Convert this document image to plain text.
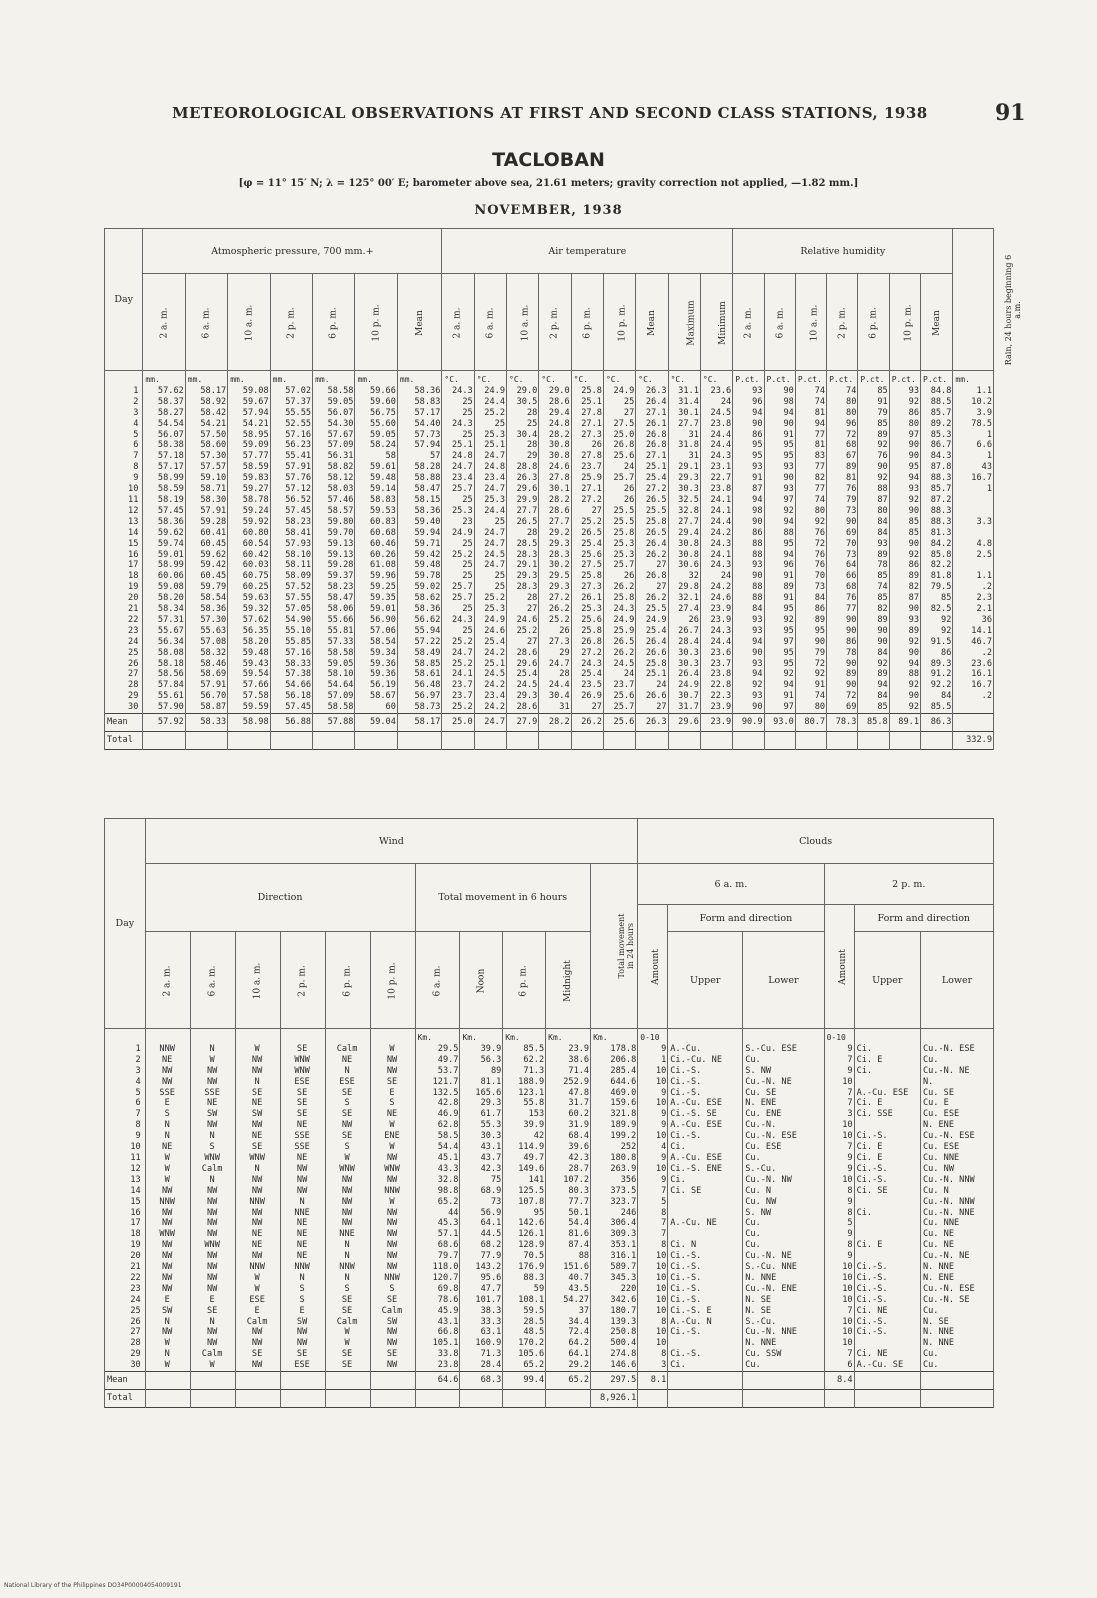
METEOROLOGICAL OBSERVATIONS AT FIRST AND SECOND CLASS STATIONS, 1938	91
TACLOBAN
[φ = 11° 15′ N; λ = 125° 00′ E; barometer above sea, 21.61 meters; gravity correction not applied, —1.82 mm.]
NOVEMBER, 1938
Day	Atmospheric pressure, 700 mm.+							Air temperature									Relative humidity							Rain, 24 hours beginning 6 a.m.

	2 a. m.	6 a. m.	10 a. m.	2 p. m.	6 p. m.	10 p. m.	Mean	2 a. m.	6 a. m.	10 a. m.	2 p. m.	6 p. m.	10 p. m.	Mean	Maximum	Minimum	2 a. m.	6 a. m.	10 a. m.	2 p. m.	6 p. m.	10 p. m.	Mean	
	mm.	mm.	mm.	mm.	mm.	mm.	mm.	°C.	°C.	°C.	°C.	°C.	°C.	°C.	°C.	°C.	P.ct.	P.ct.	P.ct.	P.ct.	P.ct.	P.ct.	P.ct.	mm.
1	57.62	58.17	59.08	57.02	58.58	59.66	58.36	24.3	24.9	29.0	29.0	25.8	24.9	26.3	31.1	23.6	93	90	74	74	85	93	84.8	1.1
2	58.37	58.92	59.67	57.37	59.05	59.60	58.83	25	24.4	30.5	28.6	25.1	25	26.4	31.4	24	96	98	74	80	91	92	88.5	10.2
3	58.27	58.42	57.94	55.55	56.07	56.75	57.17	25	25.2	28	29.4	27.8	27	27.1	30.1	24.5	94	94	81	80	79	86	85.7	3.9
4	54.54	54.21	54.21	52.55	54.30	55.60	54.40	24.3	25	25	24.8	27.1	27.5	26.1	27.7	23.8	90	90	94	96	85	80	89.2	78.5
5	56.07	57.50	58.95	57.16	57.67	59.05	57.73	25	25.3	30.4	28.2	27.3	25.0	26.8	31	24.4	86	91	77	72	89	97	85.3	1
6	58.38	58.60	59.09	56.23	57.09	58.24	57.94	25.1	25.1	28	30.8	26	26.8	26.8	31.8	24.4	95	95	81	68	92	90	86.7	6.6
7	57.18	57.30	57.77	55.41	56.31	58	57	24.8	24.7	29	30.8	27.8	25.6	27.1	31	24.3	95	95	83	67	76	90	84.3	1
8	57.17	57.57	58.59	57.91	58.82	59.61	58.28	24.7	24.8	28.8	24.6	23.7	24	25.1	29.1	23.1	93	93	77	89	90	95	87.8	43
9	58.99	59.10	59.83	57.76	58.12	59.48	58.88	23.4	23.4	26.3	27.8	25.9	25.7	25.4	29.3	22.7	91	90	82	81	92	94	88.3	16.7
10	58.59	58.71	59.27	57.12	58.03	59.14	58.47	25.7	24.7	29.6	30.1	27.1	26	27.2	30.3	23.8	87	93	77	76	88	93	85.7	1
11	58.19	58.30	58.78	56.52	57.46	58.83	58.15	25	25.3	29.9	28.2	27.2	26	26.5	32.5	24.1	94	97	74	79	87	92	87.2	
12	57.45	57.91	59.24	57.45	58.57	59.53	58.36	25.3	24.4	27.7	28.6	27	25.5	25.5	32.8	24.1	98	92	80	73	80	90	88.3	
13	58.36	59.28	59.92	58.23	59.80	60.83	59.40	23	25	26.5	27.7	25.2	25.5	25.8	27.7	24.4	90	94	92	90	84	85	88.3	3.3
14	59.62	60.41	60.80	58.41	59.70	60.68	59.94	24.9	24.7	28	29.2	26.5	25.8	26.5	29.4	24.2	86	88	76	69	84	85	81.3	
15	59.74	60.45	60.54	57.93	59.13	60.46	59.71	25	24.7	28.5	29.3	25.4	25.3	26.4	30.8	24.3	88	95	72	70	93	90	84.2	4.8
16	59.01	59.62	60.42	58.10	59.13	60.26	59.42	25.2	24.5	28.3	28.3	25.6	25.3	26.2	30.8	24.1	88	94	76	73	89	92	85.8	2.5
17	58.99	59.42	60.03	58.11	59.28	61.08	59.48	25	24.7	29.1	30.2	27.5	25.7	27	30.6	24.3	93	96	76	64	78	86	82.2	
18	60.06	60.45	60.75	58.09	59.37	59.96	59.78	25	25	29.3	29.5	25.8	26	26.8	32	24	90	91	70	66	85	89	81.8	1.1
19	59.08	59.79	60.25	57.52	58.23	59.25	59.02	25.7	25	28.3	29.3	27.3	26.2	27	29.8	24.2	88	89	73	68	74	82	79.5	.2
20	58.20	58.54	59.63	57.55	58.47	59.35	58.62	25.7	25.2	28	27.2	26.1	25.8	26.2	32.1	24.6	88	91	84	76	85	87	85	2.3
21	58.34	58.36	59.32	57.05	58.06	59.01	58.36	25	25.3	27	26.2	25.3	24.3	25.5	27.4	23.9	84	95	86	77	82	90	82.5	2.1
22	57.31	57.30	57.62	54.90	55.66	56.90	56.62	24.3	24.9	24.6	25.2	25.6	24.9	24.9	26	23.9	93	92	89	90	89	93	92	36
23	55.67	55.63	56.35	55.10	55.81	57.06	55.94	25	24.6	25.2	26	25.8	25.9	25.4	26.7	24.3	93	95	95	90	90	89	92	14.1
24	56.34	57.08	58.20	55.85	57.33	58.54	57.22	25.2	25.4	27	27.3	26.8	26.5	26.4	28.4	24.4	94	97	90	86	90	92	91.5	46.7
25	58.08	58.32	59.48	57.16	58.58	59.34	58.49	24.7	24.2	28.6	29	27.2	26.2	26.6	30.3	23.6	90	95	79	78	84	90	86	.2
26	58.18	58.46	59.43	58.33	59.05	59.36	58.85	25.2	25.1	29.6	24.7	24.3	24.5	25.8	30.3	23.7	93	95	72	90	92	94	89.3	23.6
27	58.56	58.69	59.54	57.38	58.10	59.36	58.61	24.1	24.5	25.4	28	25.4	24	25.1	26.4	23.8	94	92	92	89	89	88	91.2	16.1
28	57.84	57.91	57.66	54.66	54.64	56.19	56.48	23.7	24.2	24.5	24.4	23.5	23.7	24	24.9	22.8	92	94	91	90	94	92	92.2	16.7
29	55.61	56.70	57.58	56.18	57.09	58.67	56.97	23.7	23.4	29.3	30.4	26.9	25.6	26.6	30.7	22.3	93	91	74	72	84	90	84	.2
30	57.90	58.87	59.59	57.45	58.58	60	58.73	25.2	24.2	28.6	31	27	25.7	27	31.7	23.9	90	97	80	69	85	92	85.5	
Mean	57.92	58.33	58.98	56.88	57.88	59.04	58.17	25.0	24.7	27.9	28.2	26.2	25.6	26.3	29.6	23.9	90.9	93.0	80.7	78.3	85.8	89.1	86.3	
Total																								332.9
Day	Wind											Clouds					
	Direction						Total movement in 6 hours				Total movement in 24 hours	6 a. m.			2 p. m.		
												Amount	Form and direction		Amount	Form and direction	
	2 a. m.	6 a. m.	10 a. m.	2 p. m.	6 p. m.	10 p. m.	6 a. m.	Noon	6 p. m.	Midnight			Upper	Lower		Upper	Lower
							Km.	Km.	Km.	Km.	Km.	0-10			0-10		
1	NNW	N	W	SE	Calm	W	29.5	39.9	85.5	23.9	178.8	9	A.-Cu.	S.-Cu. ESE	9	Ci.	Cu.-N. ESE
2	NE	W	NW	WNW	NE	NW	49.7	56.3	62.2	38.6	206.8	1	Ci.-Cu. NE	Cu.	7	Ci. E	Cu.
3	NW	NW	NW	WNW	N	NW	53.7	89	71.3	71.4	285.4	10	Ci.-S.	S. NW	9	Ci.	Cu.-N. NE
4	NW	NW	N	ESE	ESE	SE	121.7	81.1	188.9	252.9	644.6	10	Ci.-S.	Cu.-N. NE	10		N.
5	SSE	SSE	SE	SE	SE	E	132.5	165.6	123.1	47.8	469.0	9	Ci.-S.	Cu. SE	7	A.-Cu. ESE	Cu. SE
6	E	NE	NE	SE	S	S	42.8	29.3	55.8	31.7	159.6	10	A.-Cu. ESE	N. ENE	7	Ci. E	Cu. E
7	S	SW	SW	SE	SE	NE	46.9	61.7	153	60.2	321.8	9	Ci.-S. SE	Cu. ENE	3	Ci. SSE	Cu. ESE
8	N	NW	NW	NE	NW	W	62.8	55.3	39.9	31.9	189.9	9	A.-Cu. ESE	Cu.-N.	10		N. ENE
9	N	N	NE	SSE	SE	ENE	58.5	30.3	42	68.4	199.2	10	Ci.-S.	Cu.-N. ESE	10	Ci.-S.	Cu.-N. ESE
10	NE	S	SE	SSE	S	W	54.4	43.1	114.9	39.6	252	4	Ci.	Cu. ESE	7	Ci. E	Cu. ESE
11	W	WNW	WNW	NE	W	NW	45.1	43.7	49.7	42.3	180.8	9	A.-Cu. ESE	Cu.	9	Ci. E	Cu. NNE
12	W	Calm	N	NW	WNW	WNW	43.3	42.3	149.6	28.7	263.9	10	Ci.-S. ENE	S.-Cu.	9	Ci.-S.	Cu. NW
13	W	N	NW	NW	NW	NW	32.8	75	141	107.2	356	9	Ci.	Cu.-N. NW	10	Ci.-S.	Cu.-N. NNW
14	NW	NW	NW	NW	NW	NNW	98.8	68.9	125.5	80.3	373.5	7	Ci. SE	Cu. N	8	Ci. SE	Cu. N
15	NNW	NW	NNW	N	NW	W	65.2	73	107.8	77.7	323.7	5		Cu. NW	9		Cu.-N. NNW
16	NW	NW	NW	NNE	NW	NW	44	56.9	95	50.1	246	8		S. NW	8	Ci.	Cu.-N. NNE
17	NW	NW	NW	NE	NW	NW	45.3	64.1	142.6	54.4	306.4	7	A.-Cu. NE	Cu.	5		Cu. NNE
18	WNW	NW	NE	NE	NNE	NW	57.1	44.5	126.1	81.6	309.3	7		Cu.	9		Cu. NE
19	NW	WNW	NE	NE	N	NW	68.6	68.2	128.9	87.4	353.1	8	Ci. N	Cu.	8	Ci. E	Cu. NE
20	NW	NW	NW	NE	N	NW	79.7	77.9	70.5	88	316.1	10	Ci.-S.	Cu.-N. NE	9		Cu.-N. NE
21	NW	NW	NNW	NNW	NNW	NW	118.0	143.2	176.9	151.6	589.7	10	Ci.-S.	S.-Cu. NNE	10	Ci.-S.	N. NNE
22	NW	NW	W	N	N	NNW	120.7	95.6	88.3	40.7	345.3	10	Ci.-S.	N. NNE	10	Ci.-S.	N. ENE
23	NW	NW	W	S	S	S	69.8	47.7	59	43.5	220	10	Ci.-S.	Cu.-N. ENE	10	Ci.-S.	Cu.-N. ESE
24	E	E	ESE	S	SE	SE	78.6	101.7	108.1	54.27	342.6	10	Ci.-S.	N. SE	10	Ci.-S.	Cu.-N. SE
25	SW	SE	E	E	SE	Calm	45.9	38.3	59.5	37	180.7	10	Ci.-S. E	N. SE	7	Ci. NE	Cu.
26	N	N	Calm	SW	Calm	SW	43.1	33.3	28.5	34.4	139.3	8	A.-Cu. N	S.-Cu.	10	Ci.-S.	N. SE
27	NW	NW	NW	NW	W	NW	66.8	63.1	48.5	72.4	250.8	10	Ci.-S.	Cu.-N. NNE	10	Ci.-S.	N. NNE
28	W	NW	NW	NW	W	NW	105.1	160.9	170.2	64.2	500.4	10		N. NNE	10		N. NNE
29	N	Calm	SE	SE	SE	SE	33.8	71.3	105.6	64.1	274.8	8	Ci.-S.	Cu. SSW	7	Ci. NE	Cu.
30	W	W	NW	ESE	SE	NW	23.8	28.4	65.2	29.2	146.6	3	Ci.	Cu.	6	A.-Cu. SE	Cu.
Mean							64.6	68.3	99.4	65.2	297.5	8.1			8.4		
Total											8,926.1						
National Library of the Philippines DO34P00004054009191
